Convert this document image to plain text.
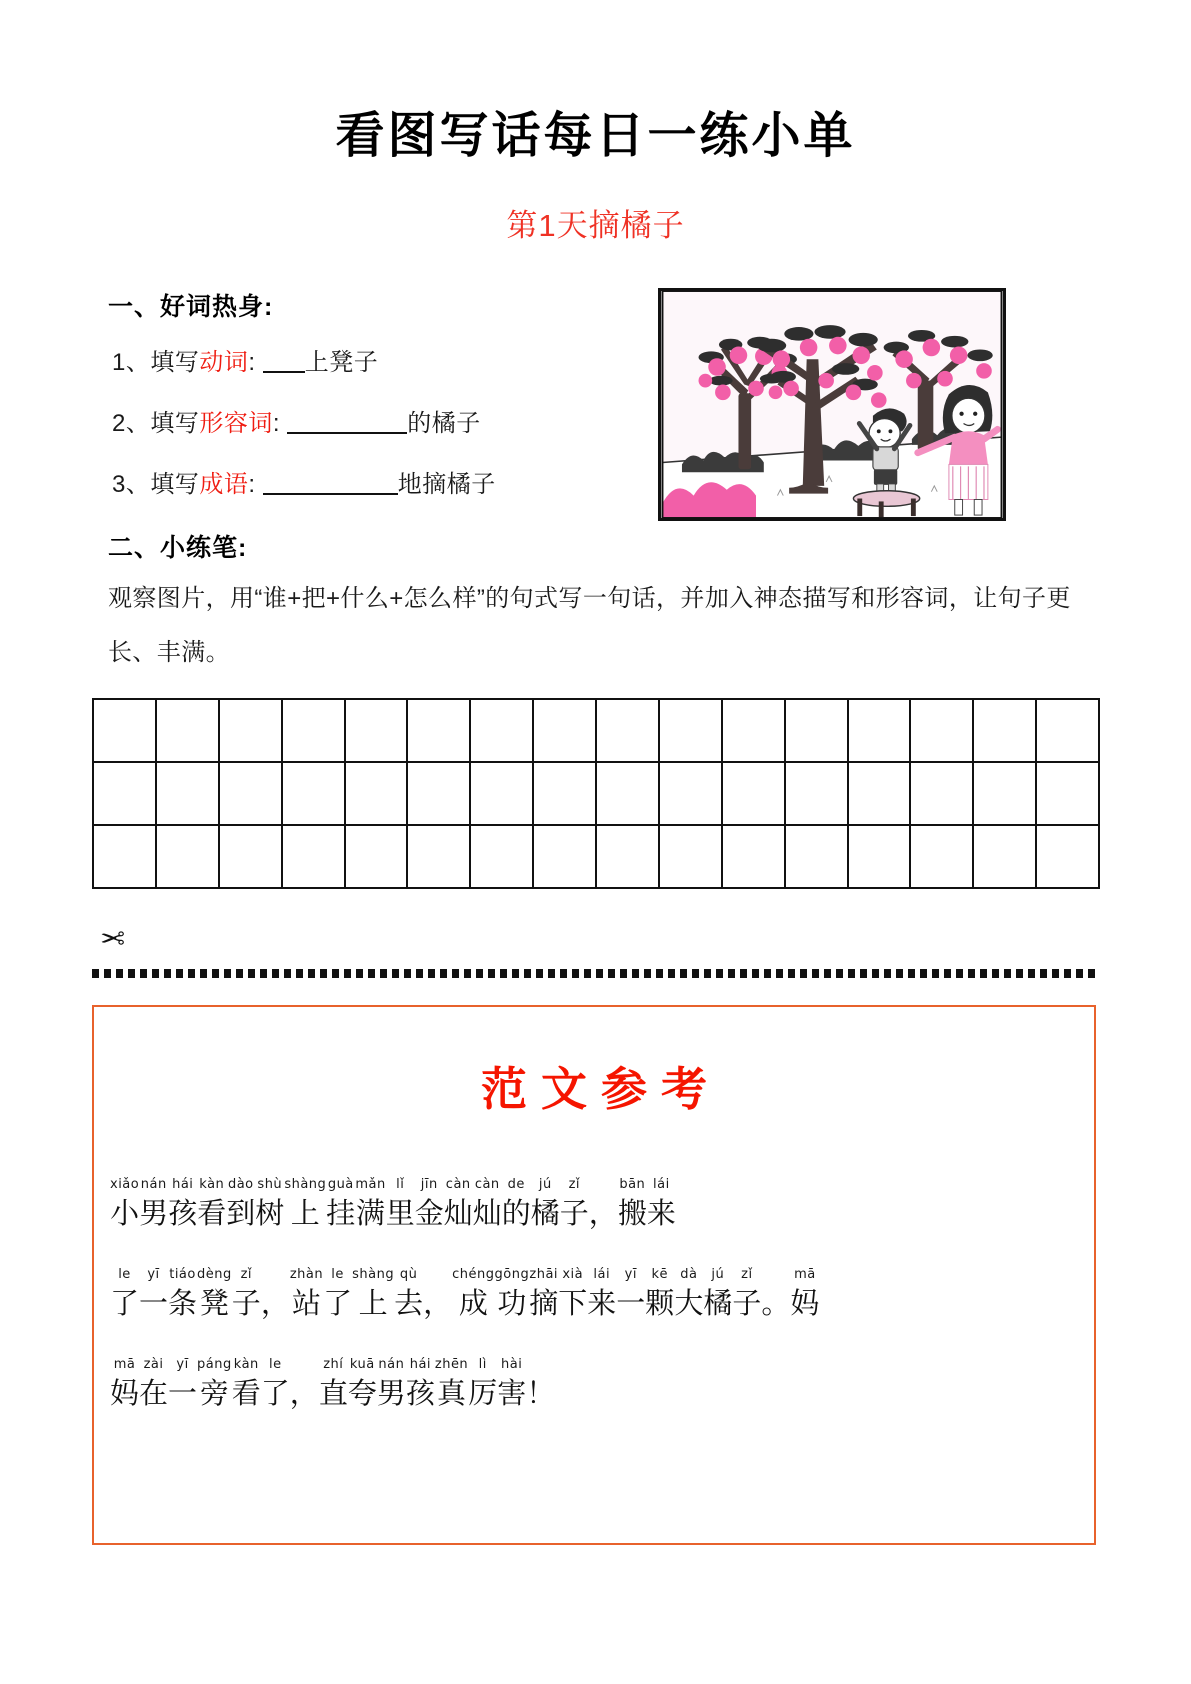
看图写话每日一练小单
第1天摘橘子
一、好词热身:
1、填写动词: 上凳子
2、填写形容词:	的橘子
3、填写成语:	地摘橘子
二、小练笔:
观察图片，用“谁+把+什么+怎么样”的句式写一句话，并加入神态描写和形容词，让句子更长、丰满。

✂
范文参考
xiǎo
小
nán
男
hái
孩
kàn
看
dào
到
shù
树
shàng
上
guà
挂
mǎn
满
lǐ
里
jīn
金
càn
灿
càn
灿
de
的
jú
橘
zǐ
子 ，
bān
搬
lái
来
le
了
yī
一
tiáo
条
dèng
凳
zǐ
子 ，
zhàn
站
le
了
shàng
上
qù
去 ，
chéng
成
gōng
功
zhāi
摘
xià
下
lái
来
yī
一
kē
颗
dà
大
jú
橘
zǐ
子 。
mā
妈
mā
妈
zài
在
yī
一
páng
旁
kàn
看
le
了 ，
zhí
直
kuā
夸
nán
男
hái
孩
zhēn
真
lì
厉
hài
害 ！
